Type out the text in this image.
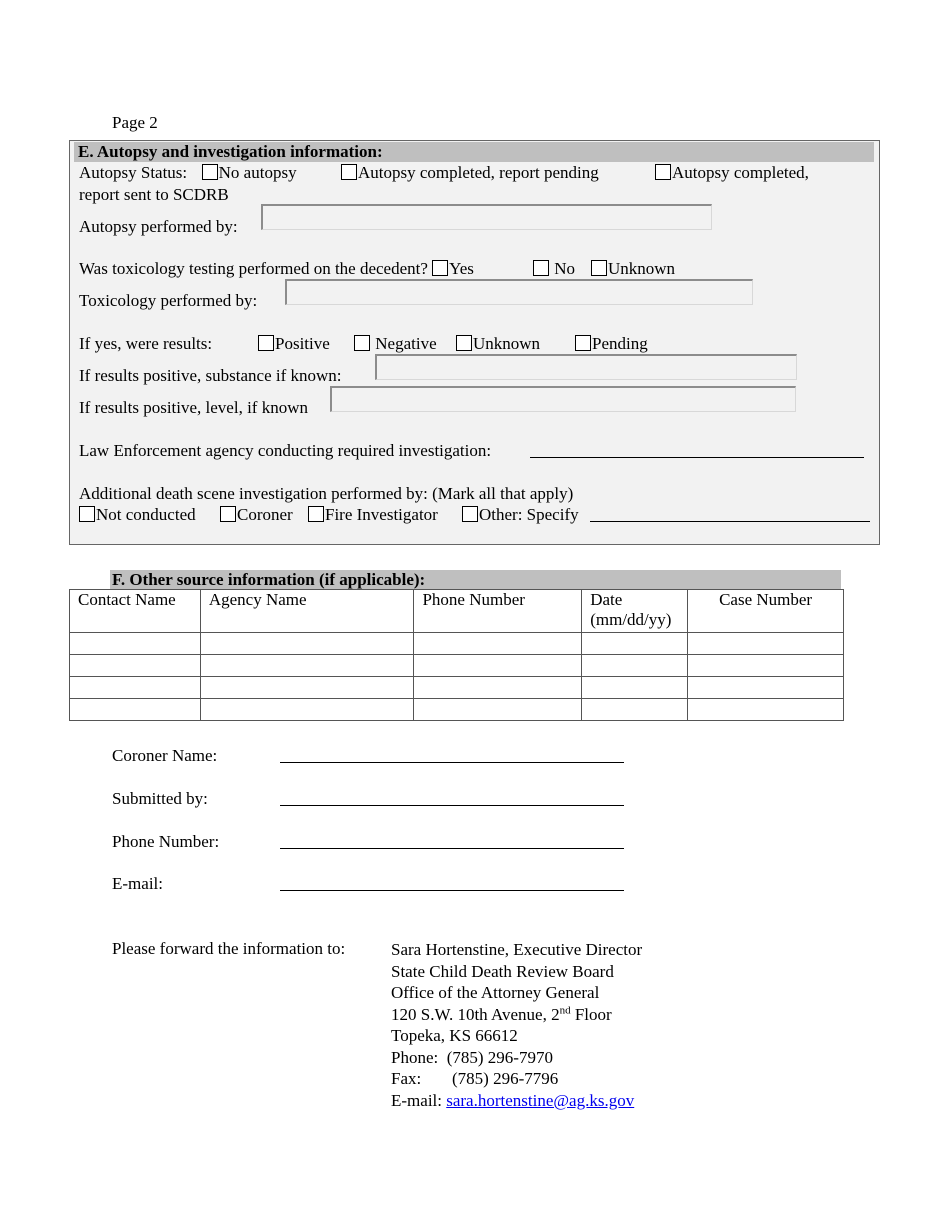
Page 2
E. Autopsy and investigation information:
Autopsy Status: No autopsy	Autopsy completed, report pending	Autopsy completed,
report sent to SCDRB
Autopsy performed by:
Was toxicology testing performed on the decedent? Yes	No	Unknown
Toxicology performed by:
If yes, were results:	Positive	Negative	Unknown	Pending
If results positive, substance if known:
If results positive, level, if known
Law Enforcement agency conducting required investigation:
Additional death scene investigation performed by: (Mark all that apply)
Not conducted	Coroner	Fire Investigator	Other: Specify
F. Other source information (if applicable):
Contact Name	Agency Name	Phone Number	Date
(mm/dd/yy)	Case Number

Coroner Name:
Submitted by:
Phone Number:
E-mail:
Please forward the information to:	Sara Hortenstine, Executive Director
State Child Death Review Board
Office of the Attorney General
120 S.W. 10th Avenue, 2nd Floor
Topeka, KS 66612
Phone: (785) 296-7970
Fax: (785) 296-7796
E-mail: sara.hortenstine@ag.ks.gov
